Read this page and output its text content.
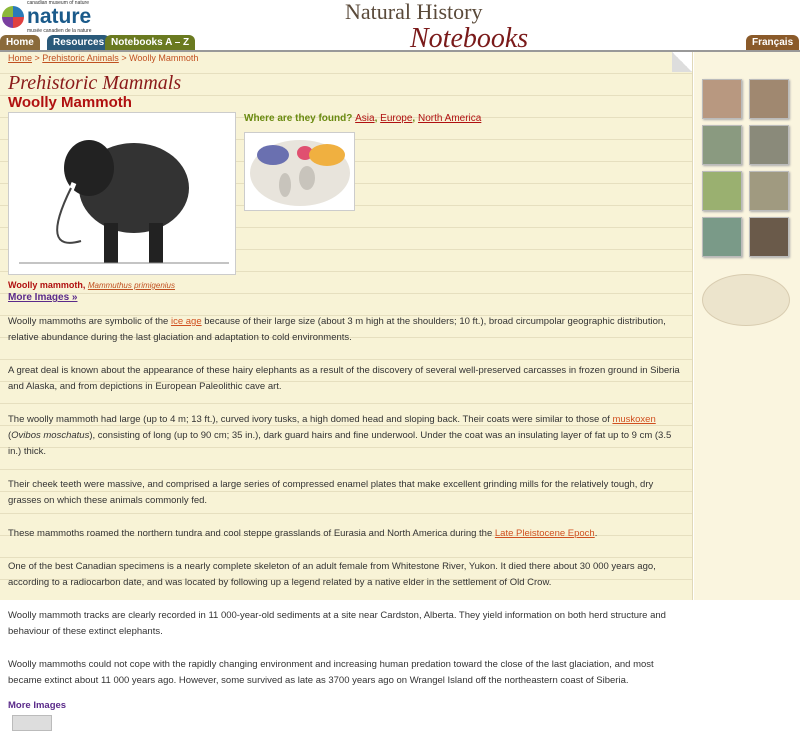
canadian museum of nature
nature
musée canadien de la nature
Natural History
Notebooks
Home	Resources Notebooks A – Z	Français
Home > Prehistoric Animals > Woolly Mammoth
Prehistoric Mammals
Woolly Mammoth
Where are they found? Asia, Europe, North America
Woolly mammoth, Mammuthus primigenius
More Images »

Woolly mammoths are symbolic of the ice age because of their large size (about 3 m high at the shoulders; 10 ft.), broad circumpolar geographic distribution, relative abundance during the last glaciation and adaptation to cold environments.

A great deal is known about the appearance of these hairy elephants as a result of the discovery of several well-preserved carcasses in frozen ground in Siberia and Alaska, and from depictions in European Paleolithic cave art.

The woolly mammoth had large (up to 4 m; 13 ft.), curved ivory tusks, a high domed head and sloping back. Their coats were similar to those of muskoxen (Ovibos moschatus), consisting of long (up to 90 cm; 35 in.), dark guard hairs and fine underwool. Under the coat was an insulating layer of fat up to 9 cm (3.5 in.) thick.

Their cheek teeth were massive, and comprised a large series of compressed enamel plates that make excellent grinding mills for the relatively tough, dry grasses on which these animals commonly fed.

These mammoths roamed the northern tundra and cool steppe grasslands of Eurasia and North America during the Late Pleistocene Epoch.

One of the best Canadian specimens is a nearly complete skeleton of an adult female from Whitestone River, Yukon. It died there about 30 000 years ago, according to a radiocarbon date, and was located by following up a legend related by a native elder in the settlement of Old Crow.

Woolly mammoth tracks are clearly recorded in 11 000-year-old sediments at a site near Cardston, Alberta. They yield information on both herd structure and behaviour of these extinct elephants.

Woolly mammoths could not cope with the rapidly changing environment and increasing human predation toward the close of the last glaciation, and most became extinct about 11 000 years ago. However, some survived as late as 3700 years ago on Wrangel Island off the northeastern coast of Siberia.

More Images
